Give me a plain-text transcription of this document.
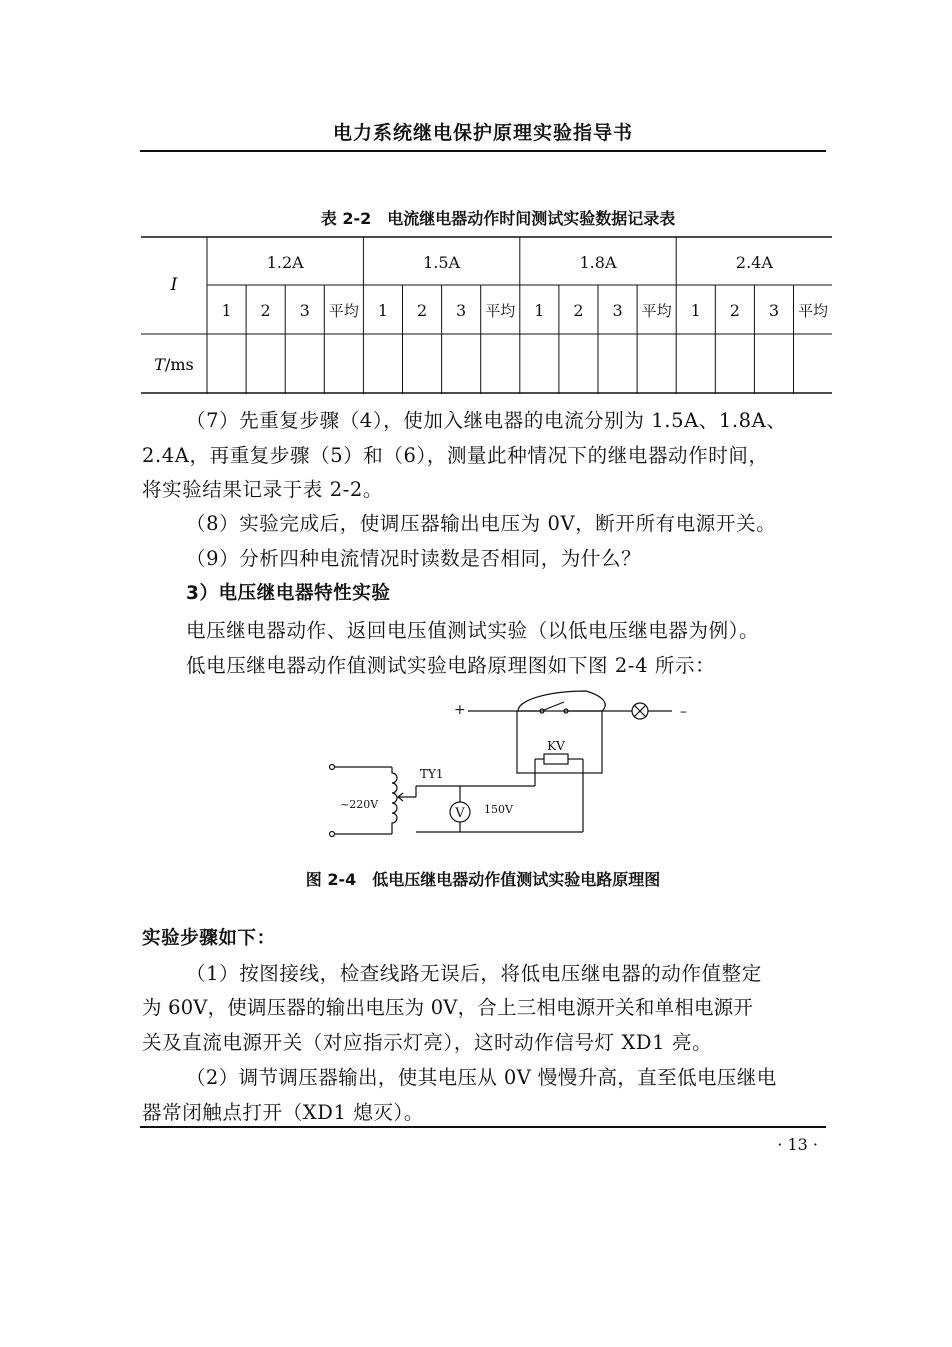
电力系统继电保护原理实验指导书
表 2-2　电流继电器动作时间测试实验数据记录表
I
T/ms
1.2A
1 2 3 平均
1.5A
1 2 3 平均
1.8A
1 2 3 平均
2.4A
1 2 3 平均
（7）先重复步骤（4），使加入继电器的电流分别为 1.5A、1.8A、
2.4A，再重复步骤（5）和（6），测量此种情况下的继电器动作时间，
将实验结果记录于表 2-2。
（8）实验完成后，使调压器输出电压为 0V，断开所有电源开关。
（9）分析四种电流情况时读数是否相同，为什么？
3）电压继电器特性实验
电压继电器动作、返回电压值测试实验（以低电压继电器为例）。
低电压继电器动作值测试实验电路原理图如下图 2-4 所示：
+	–
KV
TY1
~220V
V 150V
图 2-4　低电压继电器动作值测试实验电路原理图
实验步骤如下：
（1）按图接线，检查线路无误后，将低电压继电器的动作值整定
为 60V，使调压器的输出电压为 0V，合上三相电源开关和单相电源开
关及直流电源开关（对应指示灯亮），这时动作信号灯 XD1 亮。
（2）调节调压器输出，使其电压从 0V 慢慢升高，直至低电压继电
器常闭触点打开（XD1 熄灭）。
· 13 ·
